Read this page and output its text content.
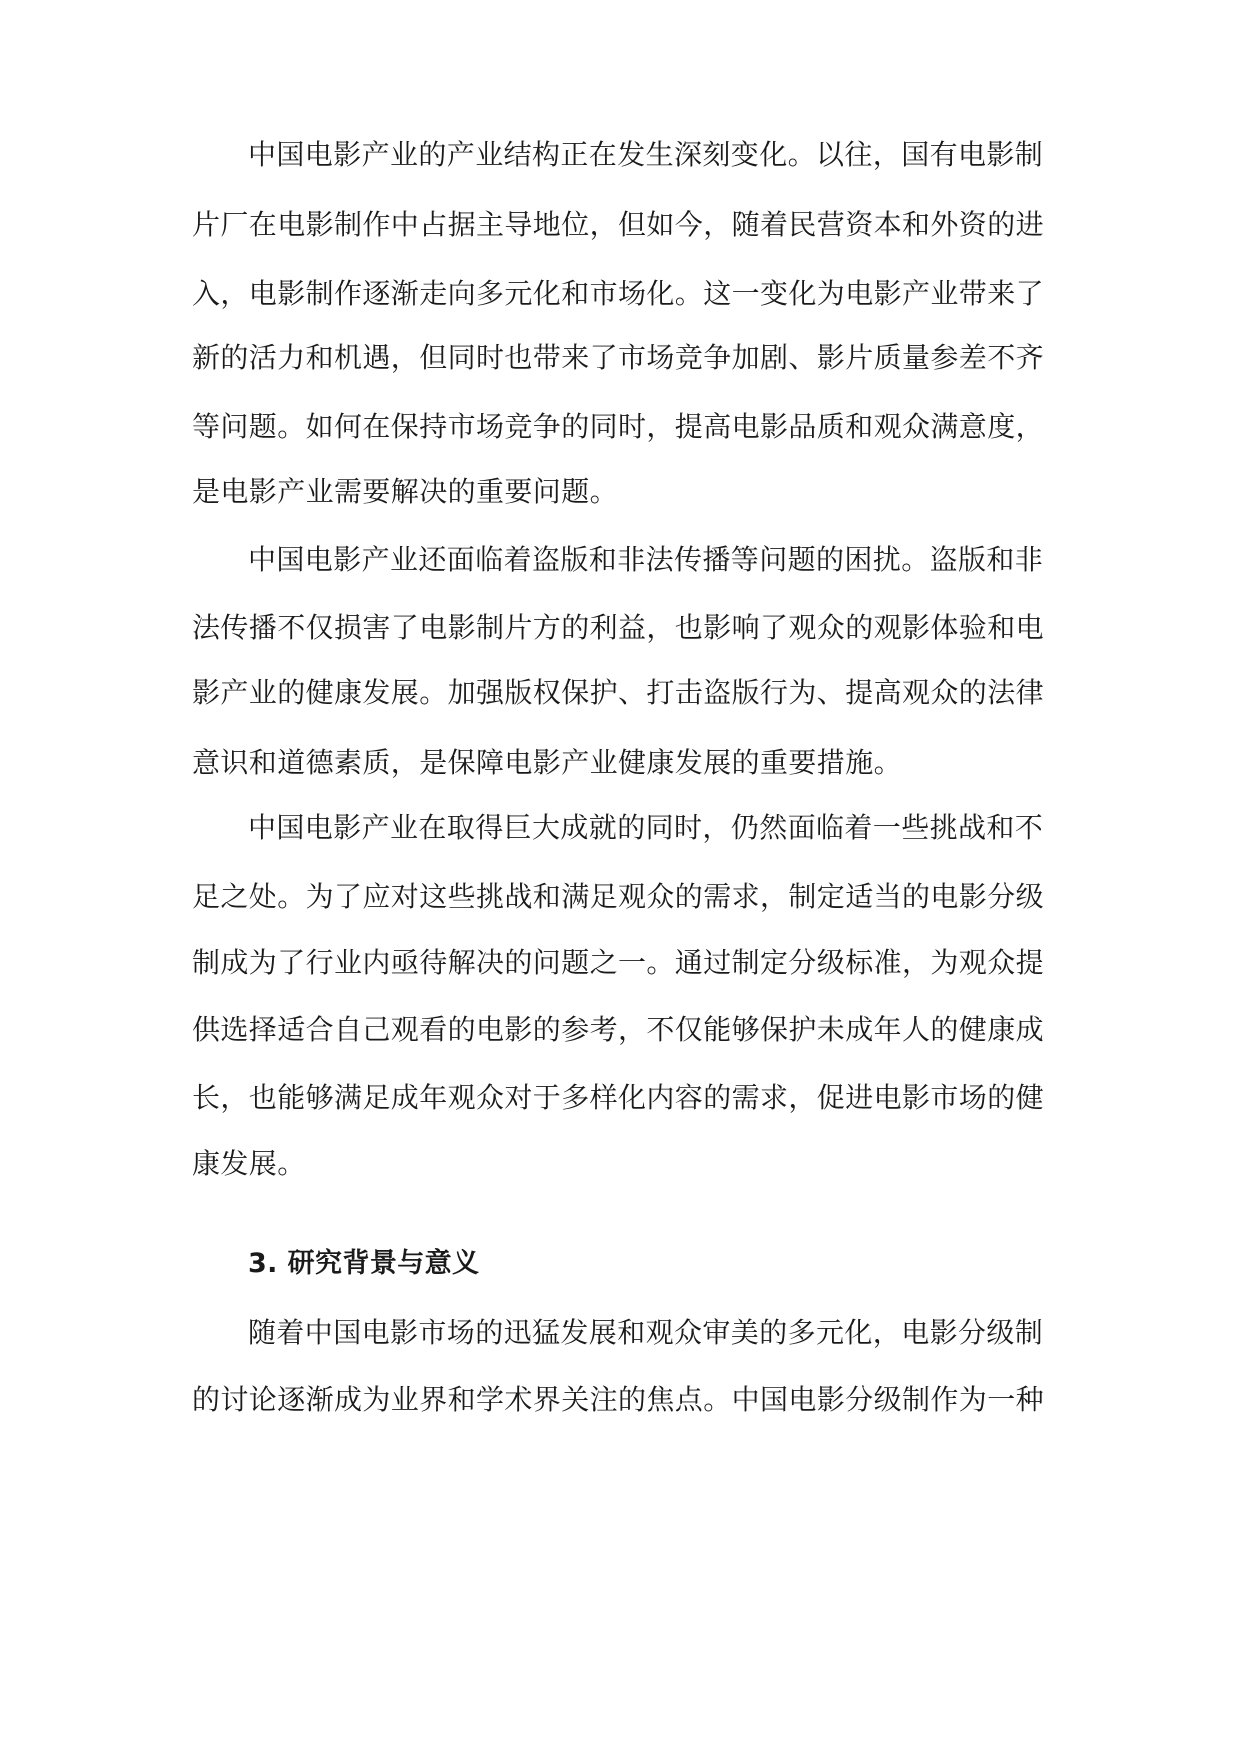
中国电影产业的产业结构正在发生深刻变化。以往，国有电影制
片厂在电影制作中占据主导地位，但如今，随着民营资本和外资的进
入，电影制作逐渐走向多元化和市场化。这一变化为电影产业带来了
新的活力和机遇，但同时也带来了市场竞争加剧、影片质量参差不齐
等问题。如何在保持市场竞争的同时，提高电影品质和观众满意度，
是电影产业需要解决的重要问题。
中国电影产业还面临着盗版和非法传播等问题的困扰。盗版和非
法传播不仅损害了电影制片方的利益，也影响了观众的观影体验和电
影产业的健康发展。加强版权保护、打击盗版行为、提高观众的法律
意识和道德素质，是保障电影产业健康发展的重要措施。
中国电影产业在取得巨大成就的同时，仍然面临着一些挑战和不
足之处。为了应对这些挑战和满足观众的需求，制定适当的电影分级
制成为了行业内亟待解决的问题之一。通过制定分级标准，为观众提
供选择适合自己观看的电影的参考，不仅能够保护未成年人的健康成
长，也能够满足成年观众对于多样化内容的需求，促进电影市场的健
康发展。
3. 研究背景与意义
随着中国电影市场的迅猛发展和观众审美的多元化，电影分级制
的讨论逐渐成为业界和学术界关注的焦点。中国电影分级制作为一种
